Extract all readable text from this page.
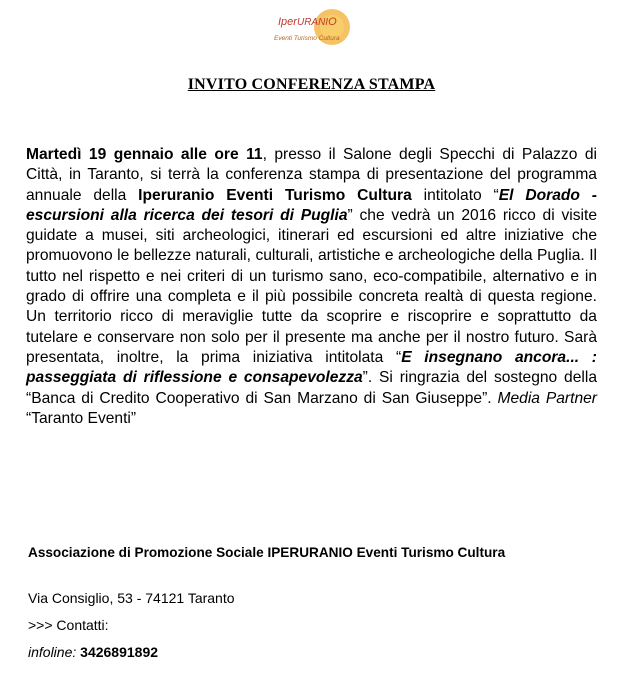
IperURANIO
Eventi Turismo Cultura
INVITO CONFERENZA STAMPA
Martedì 19 gennaio alle ore 11, presso il Salone degli Specchi di Palazzo di Città, in Taranto, si terrà la conferenza stampa di presentazione del programma annuale della Iperuranio Eventi Turismo Cultura intitolato “El Dorado - escursioni alla ricerca dei tesori di Puglia” che vedrà un 2016 ricco di visite guidate a musei, siti archeologici, itinerari ed escursioni ed altre iniziative che promuovono le bellezze naturali, culturali, artistiche e archeologiche della Puglia. Il tutto nel rispetto e nei criteri di un turismo sano, eco-compatibile, alternativo e in grado di offrire una completa e il più possibile concreta realtà di questa regione. Un territorio ricco di meraviglie tutte da scoprire e riscoprire e soprattutto da tutelare e conservare non solo per il presente ma anche per il nostro futuro. Sarà presentata, inoltre, la prima iniziativa intitolata “E insegnano ancora... : passeggiata di riflessione e consapevolezza”. Si ringrazia del sostegno della “Banca di Credito Cooperativo di San Marzano di San Giuseppe”. Media Partner “Taranto Eventi”
Associazione di Promozione Sociale IPERURANIO Eventi Turismo Cultura
Via Consiglio, 53 - 74121 Taranto
>>> Contatti:
infoline: 3426891892
